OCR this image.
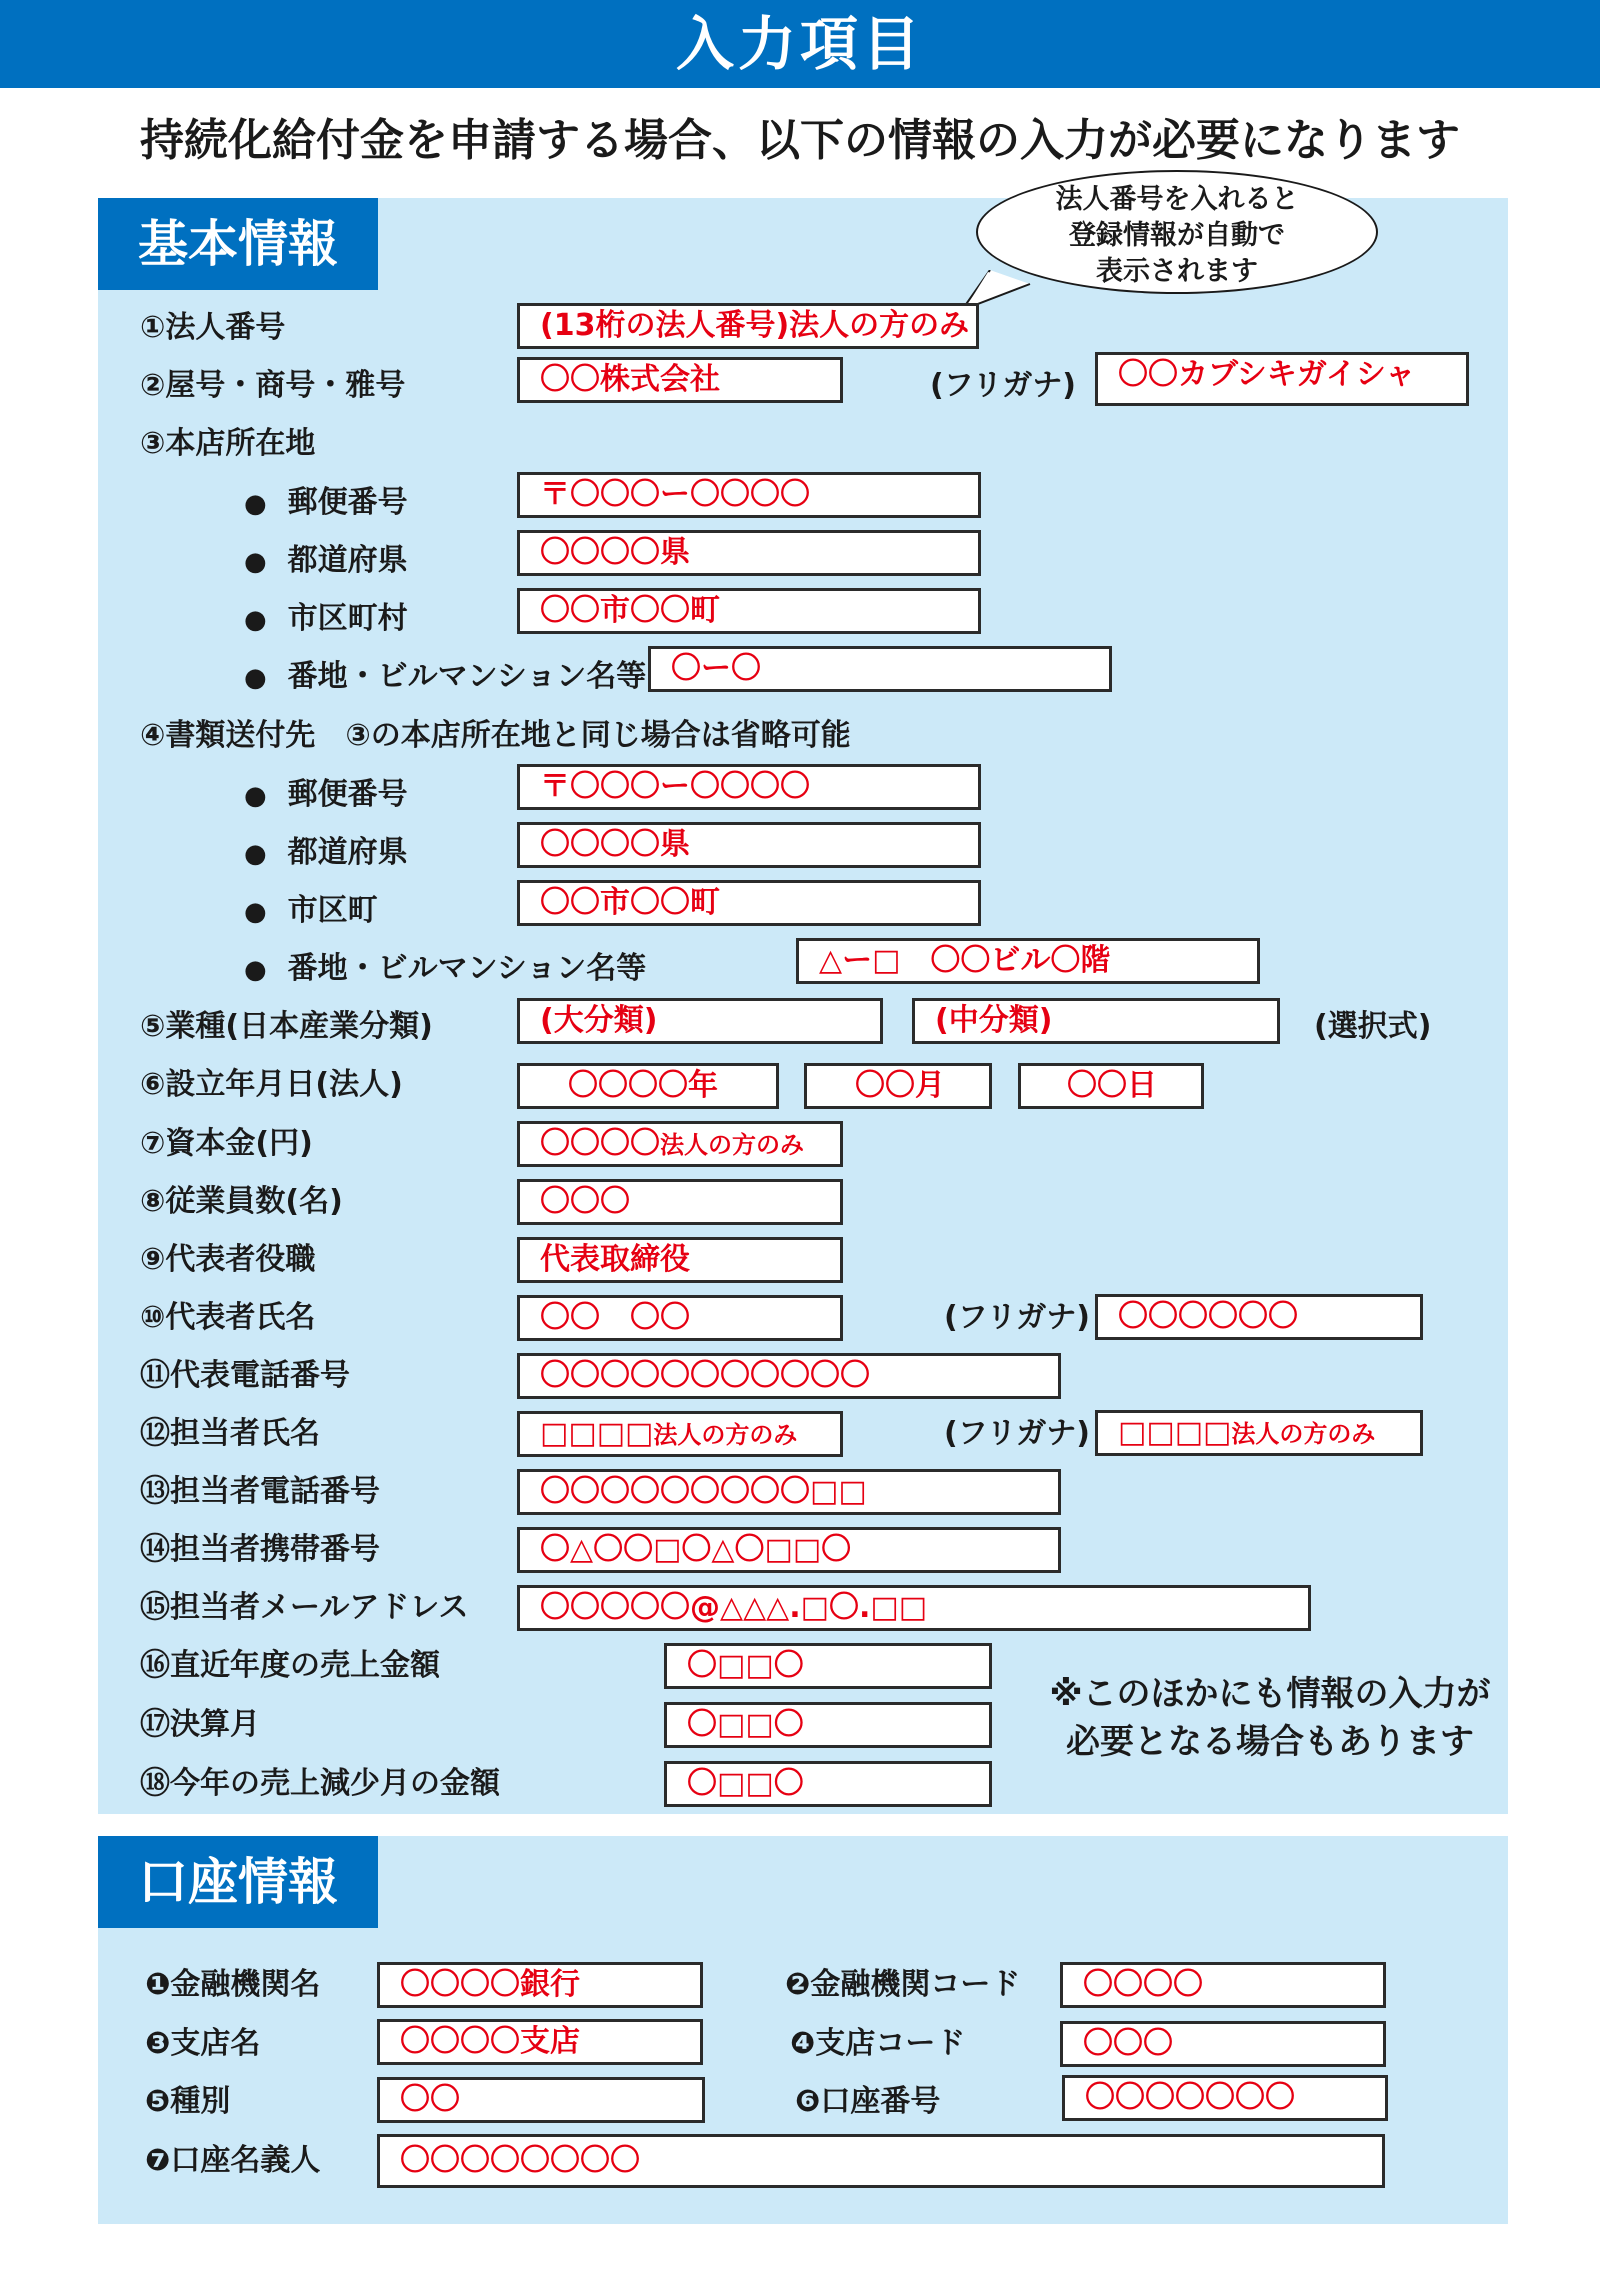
入力項目
持続化給付金を申請する場合、以下の情報の入力が必要になります
基本情報
法人番号を入れると
登録情報が自動で
表示されます
①法人番号	(13桁の法人番号)法人の方のみ
②屋号・商号・雅号	〇〇株式会社	(フリガナ)	〇〇カブシキガイシャ
③本店所在地
● 郵便番号	〒〇〇〇ー〇〇〇〇
● 都道府県	〇〇〇〇県
● 市区町村	〇〇市〇〇町
● 番地・ビルマンション名等 〇ー〇
④書類送付先　③の本店所在地と同じ場合は省略可能
● 郵便番号	〒〇〇〇ー〇〇〇〇
● 都道府県	〇〇〇〇県
● 市区町	〇〇市〇〇町
● 番地・ビルマンション名等	△ー□　〇〇ビル〇階
⑤業種(日本産業分類)	(大分類)	(中分類)	(選択式)
⑥設立年月日(法人)	〇〇〇〇年	〇〇月	〇〇日
⑦資本金(円)	〇〇〇〇法人の方のみ
⑧従業員数(名)	〇〇〇
⑨代表者役職	代表取締役
⑩代表者氏名	〇〇　〇〇	(フリガナ) 〇〇〇〇〇〇
⑪代表電話番号	〇〇〇〇〇〇〇〇〇〇〇
⑫担当者氏名	□□□□法人の方のみ	(フリガナ) □□□□法人の方のみ
⑬担当者電話番号	〇〇〇〇〇〇〇〇〇□□
⑭担当者携帯番号	〇△〇〇□〇△〇□□〇
⑮担当者メールアドレス	〇〇〇〇〇@△△△.□〇.□□
⑯直近年度の売上金額	〇□□〇
⑰決算月	〇□□〇
⑱今年の売上減少月の金額	〇□□〇
※このほかにも情報の入力が
必要となる場合もあります
口座情報
❶金融機関名	〇〇〇〇銀行	❷金融機関コード	〇〇〇〇
❸支店名	〇〇〇〇支店	❹支店コード	〇〇〇
❺種別	〇〇	❻口座番号	〇〇〇〇〇〇〇
❼口座名義人	〇〇〇〇〇〇〇〇
